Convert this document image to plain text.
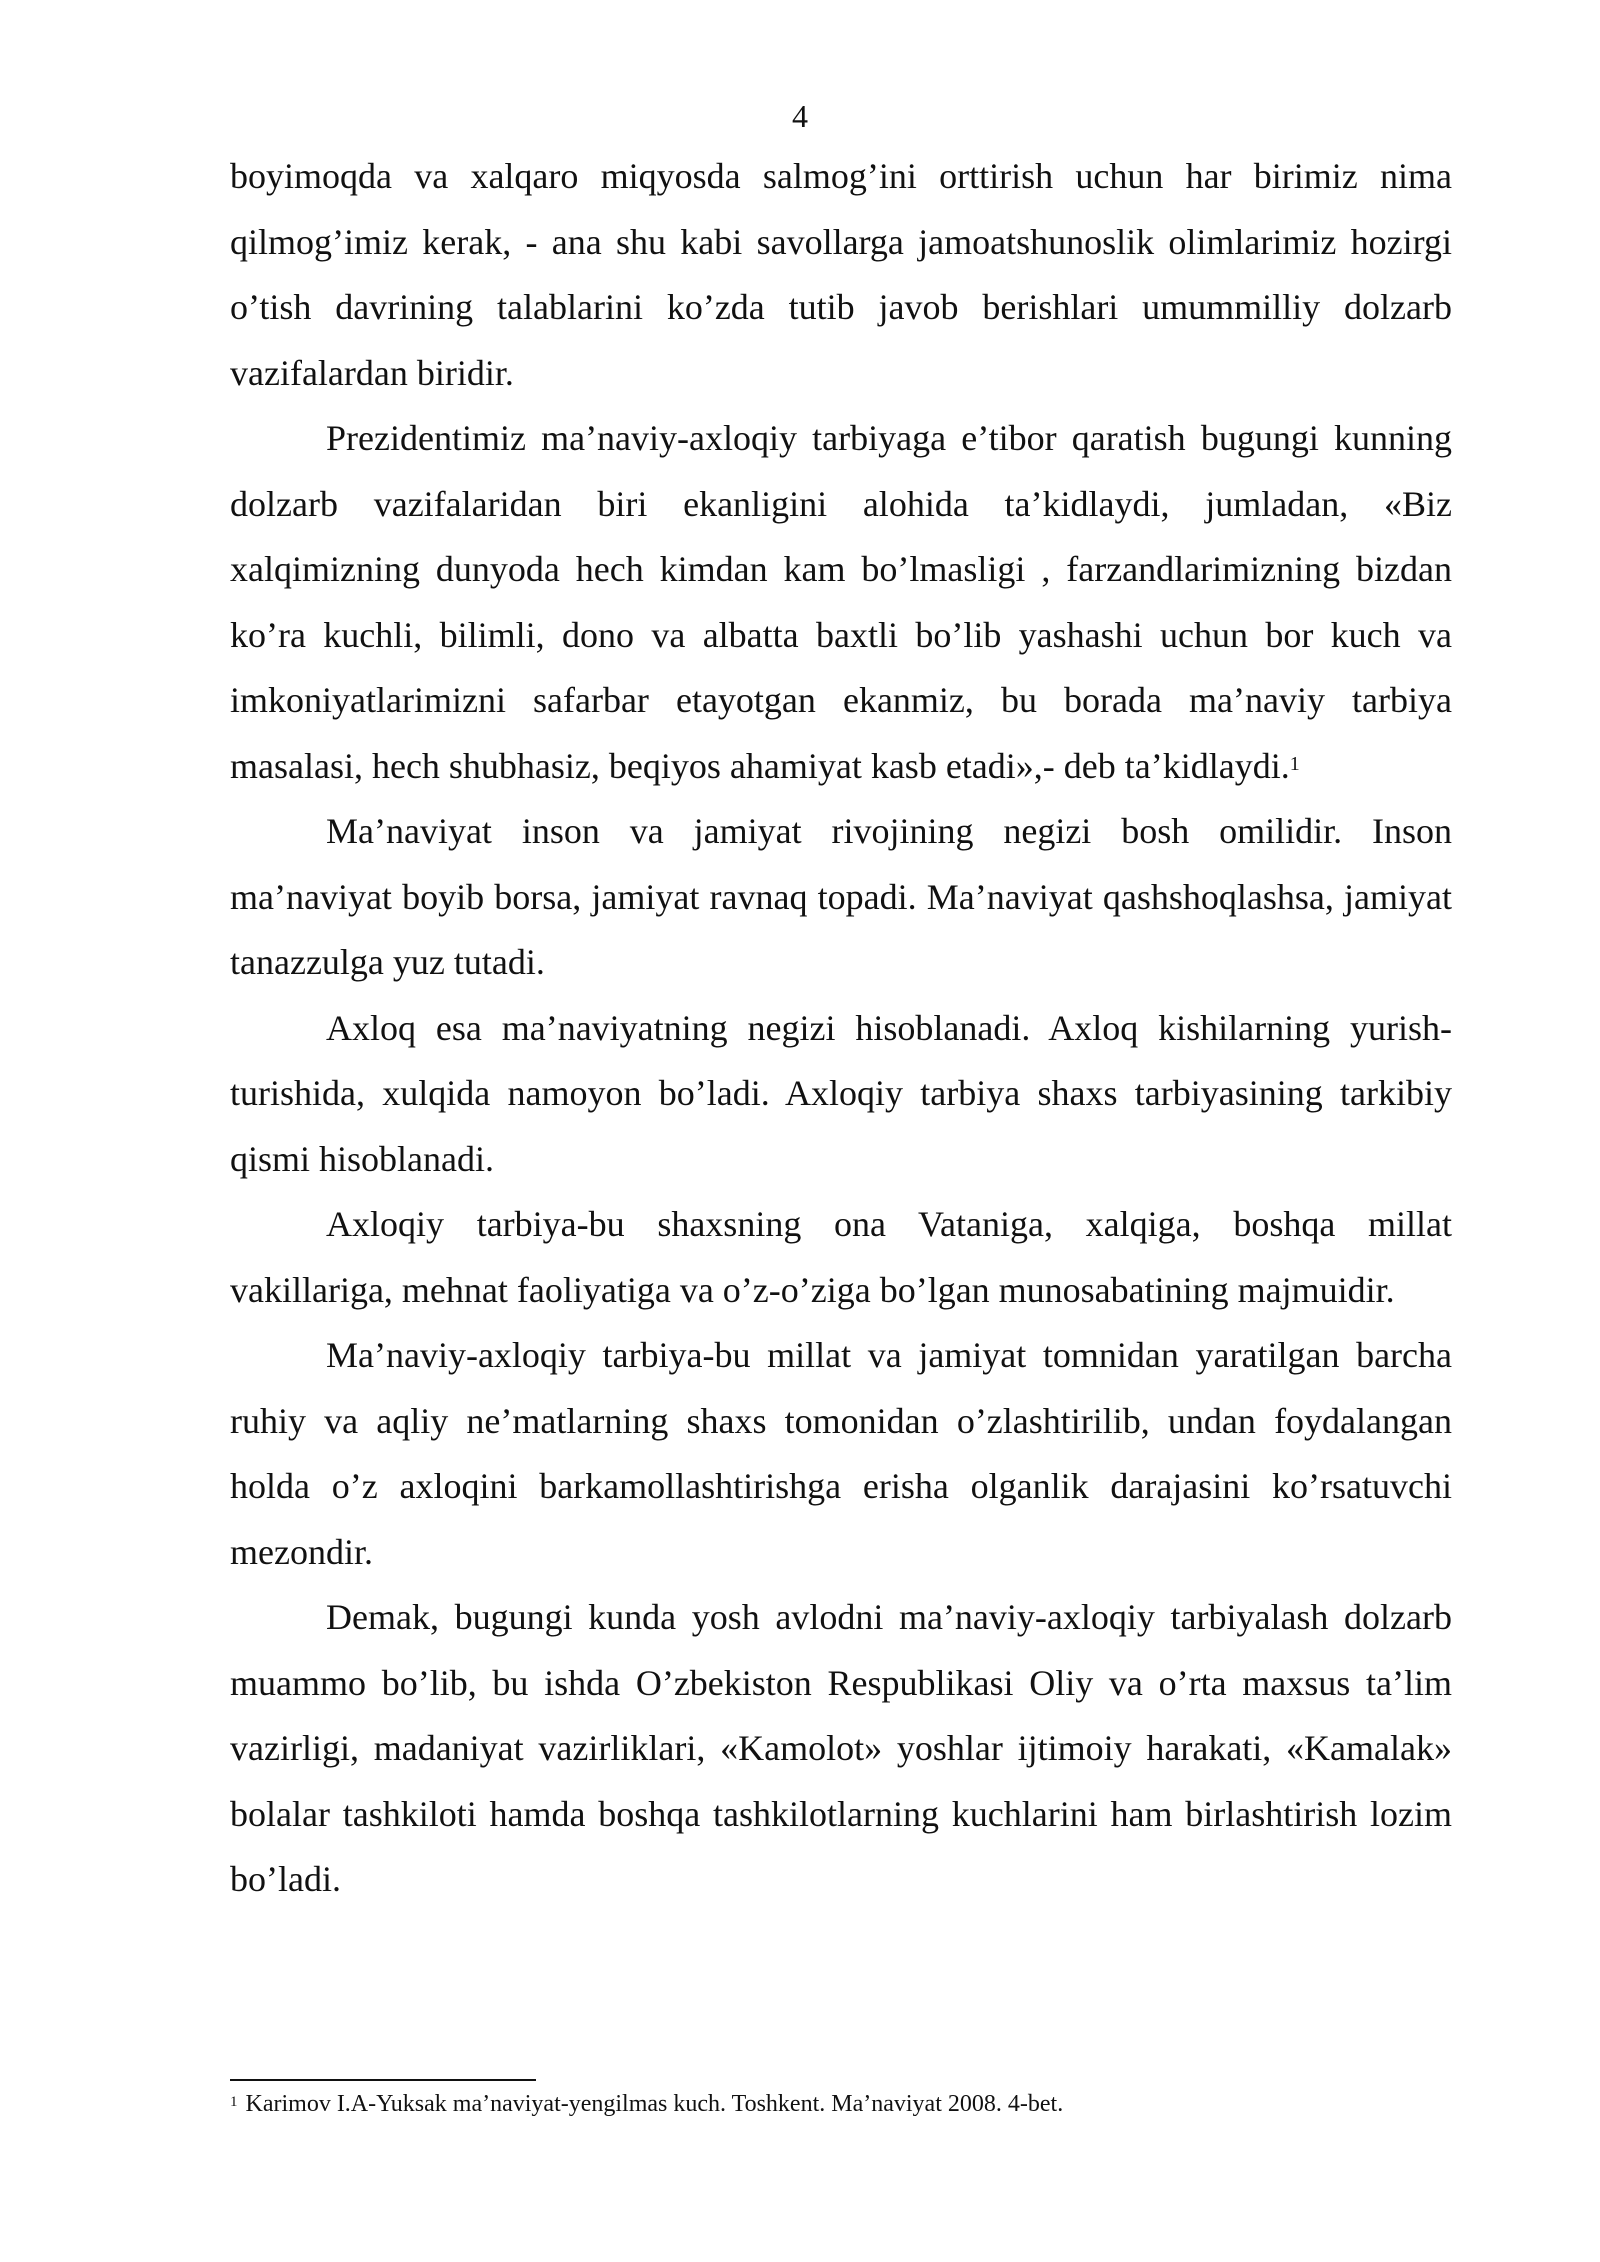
4

boyimoqda va xalqaro miqyosda salmog’ini orttirish uchun har birimiz nima qilmog’imiz kerak, - ana shu kabi savollarga jamoatshunoslik olimlarimiz hozirgi o’tish davrining talablarini ko’zda tutib javob berishlari umummilliy dolzarb vazifalardan biridir.

Prezidentimiz ma’naviy-axloqiy tarbiyaga e’tibor qaratish bugungi kunning dolzarb vazifalaridan biri ekanligini alohida ta’kidlaydi, jumladan, «Biz xalqimizning dunyoda hech kimdan kam bo’lmasligi , farzandlarimizning bizdan ko’ra kuchli, bilimli, dono va albatta baxtli bo’lib yashashi uchun bor kuch va imkoniyatlarimizni safarbar etayotgan ekanmiz, bu borada ma’naviy tarbiya masalasi, hech shubhasiz, beqiyos ahamiyat kasb etadi»,- deb ta’kidlaydi.$^1$

Ma’naviyat inson va jamiyat rivojining negizi bosh omilidir. Inson ma’naviyat boyib borsa, jamiyat ravnaq topadi. Ma’naviyat qashshoqlashsa, jamiyat tanazzulga yuz tutadi.

Axloq esa ma’naviyatning negizi hisoblanadi. Axloq kishilarning yurish-turishida, xulqida namoyon bo’ladi. Axloqiy tarbiya shaxs tarbiyasining tarkibiy qismi hisoblanadi.

Axloqiy tarbiya-bu shaxsning ona Vataniga, xalqiga, boshqa millat vakillariga, mehnat faoliyatiga va o’z-o’ziga bo’lgan munosabatining majmuidir.

Ma’naviy-axloqiy tarbiya-bu millat va jamiyat tomnidan yaratilgan barcha ruhiy va aqliy ne’matlarning shaxs tomonidan o’zlashtirilib, undan foydalangan holda o’z axloqini barkamollashtirishga erisha olganlik darajasini ko’rsatuvchi mezondir.

Demak, bugungi kunda yosh avlodni ma’naviy-axloqiy tarbiyalash dolzarb muammo bo’lib, bu ishda O’zbekiston Respublikasi Oliy va o’rta maxsus ta’lim vazirligi, madaniyat vazirliklari, «Kamolot» yoshlar ijtimoiy harakati, «Kamalak» bolalar tashkiloti hamda boshqa tashkilotlarning kuchlarini ham birlashtirish lozim bo’ladi.

$^1$ Karimov I.A-Yuksak ma’naviyat-yengilmas kuch. Toshkent. Ma’naviyat 2008. 4-bet.
